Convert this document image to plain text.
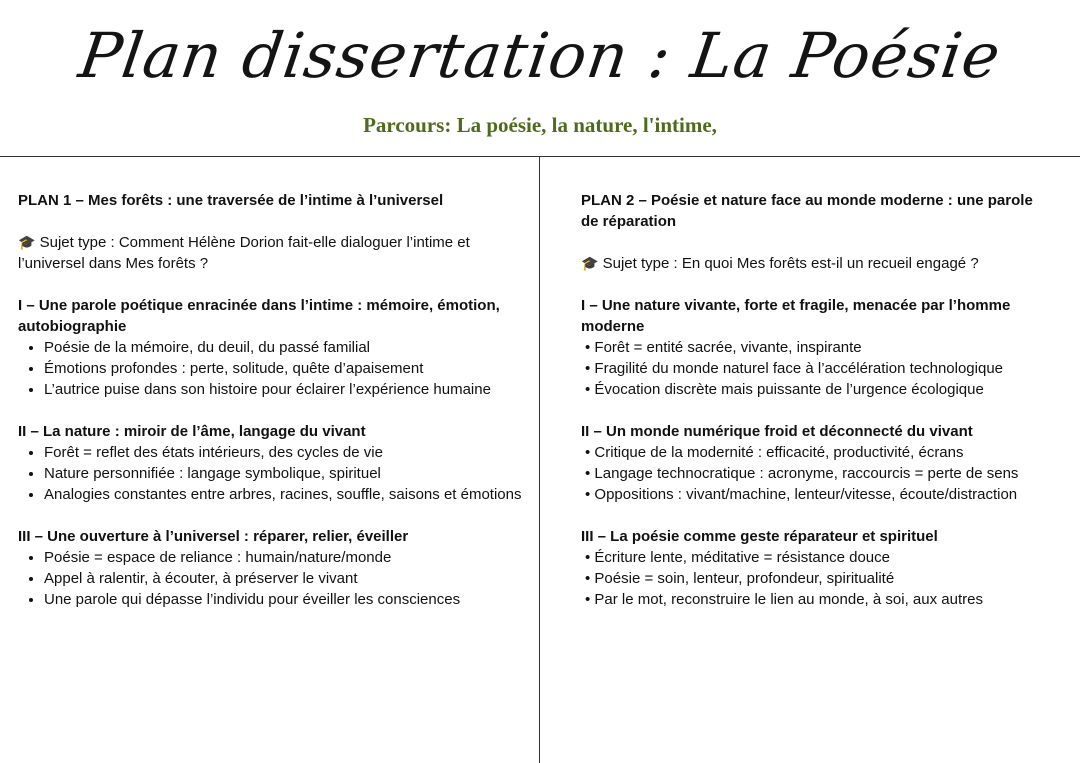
Plan dissertation : La Poésie
Parcours: La poésie, la nature, l'intime,

PLAN 1 – Mes forêts : une traversée de l’intime à l’universel

🎓 Sujet type : Comment Hélène Dorion fait-elle dialoguer l’intime et l’universel dans Mes forêts ?

I – Une parole poétique enracinée dans l’intime : mémoire, émotion, autobiographie

• Poésie de la mémoire, du deuil, du passé familial
• Émotions profondes : perte, solitude, quête d’apaisement
• L’autrice puise dans son histoire pour éclairer l’expérience humaine

II – La nature : miroir de l’âme, langage du vivant

• Forêt = reflet des états intérieurs, des cycles de vie
• Nature personnifiée : langage symbolique, spirituel
• Analogies constantes entre arbres, racines, souffle, saisons et émotions

III – Une ouverture à l’universel : réparer, relier, éveiller

• Poésie = espace de reliance : humain/nature/monde
• Appel à ralentir, à écouter, à préserver le vivant
• Une parole qui dépasse l’individu pour éveiller les consciences

PLAN 2 – Poésie et nature face au monde moderne : une parole de réparation

🎓 Sujet type : En quoi Mes forêts est-il un recueil engagé ?

I – Une nature vivante, forte et fragile, menacée par l’homme moderne

• Forêt = entité sacrée, vivante, inspirante
• Fragilité du monde naturel face à l’accélération technologique
• Évocation discrète mais puissante de l’urgence écologique

II – Un monde numérique froid et déconnecté du vivant

• Critique de la modernité : efficacité, productivité, écrans
• Langage technocratique : acronyme, raccourcis = perte de sens
• Oppositions : vivant/machine, lenteur/vitesse, écoute/distraction

III – La poésie comme geste réparateur et spirituel

• Écriture lente, méditative = résistance douce
• Poésie = soin, lenteur, profondeur, spiritualité
• Par le mot, reconstruire le lien au monde, à soi, aux autres
